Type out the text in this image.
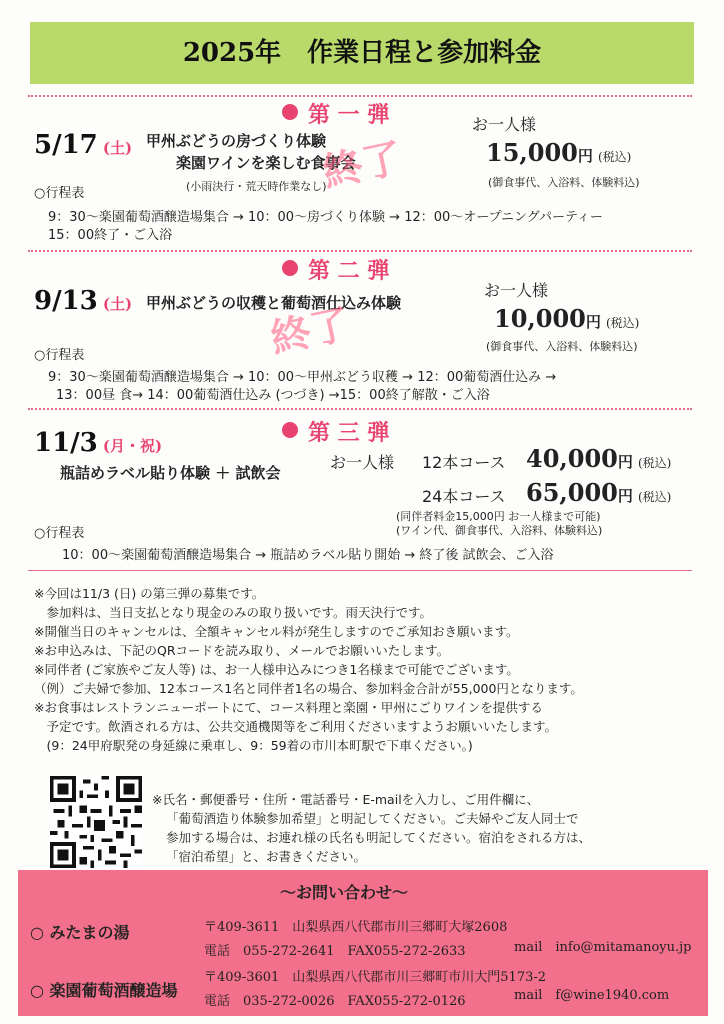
2025年　作業日程と参加料金
第 一 弾
5/17 (土) 甲州ぶどうの房づくり体験
楽園ワインを楽しむ食事会
(小雨決行・荒天時作業なし)
○行程表
9：30～楽園葡萄酒醸造場集合 → 10：00～房づくり体験 → 12：00～オープニングパーティー
15：00終了・ご入浴
お一人様
15,000円 (税込)
(御食事代、入浴料、体験料込)
終了
第 二 弾
9/13 (土) 甲州ぶどうの収穫と葡萄酒仕込み体験
○行程表
9：30～楽園葡萄酒醸造場集合 → 10：00～甲州ぶどう収穫 → 12：00葡萄酒仕込み →
13：00昼 食→ 14：00葡萄酒仕込み (つづき) →15：00終了解散・ご入浴
お一人様
10,000円 (税込)
(御食事代、入浴料、体験料込)
終了
第 三 弾
11/3 (月・祝)
瓶詰めラベル貼り体験 ＋ 試飲会
お一人様 12本コース 40,000円 (税込)
24本コース 65,000円 (税込)
(同伴者料金15,000円 お一人様まで可能)
(ワイン代、御食事代、入浴料、体験料込)
○行程表
10：00～楽園葡萄酒醸造場集合 → 瓶詰めラベル貼り開始 → 終了後 試飲会、ご入浴
※今回は11/3 (日) の第三弾の募集です。
　参加料は、当日支払となり現金のみの取り扱いです。雨天決行です。
※開催当日のキャンセルは、全額キャンセル料が発生しますのでご承知おき願います。
※お申込みは、下記のQRコードを読み取り、メールでお願いいたします。
※同伴者 (ご家族やご友人等) は、お一人様申込みにつき1名様まで可能でございます。
（例）ご夫婦で参加、12本コース1名と同伴者1名の場合、参加料金合計が55,000円となります。
※お食事はレストランニューポートにて、コース料理と楽園・甲州にごりワインを提供する
　予定です。飲酒される方は、公共交通機関等をご利用くださいますようお願いいたします。
　(9：24甲府駅発の身延線に乗車し、9：59着の市川本町駅で下車ください。)
※氏名・郵便番号・住所・電話番号・E-mailを入力し、ご用件欄に、
「葡萄酒造り体験参加希望」と明記してください。ご夫婦やご友人同士で
参加する場合は、お連れ様の氏名も明記してください。宿泊をされる方は、
「宿泊希望」と、お書きください。
～お問い合わせ～
○ みたまの湯	〒409-3611　山梨県西八代郡市川三郷町大塚2608
電話　055-272-2641　FAX055-272-2633	mail　info@mitamanoyu.jp
○ 楽園葡萄酒醸造場
〒409-3601　山梨県西八代郡市川三郷町市川大門5173-2
電話　035-272-0026　FAX055-272-0126	mail　f@wine1940.com
